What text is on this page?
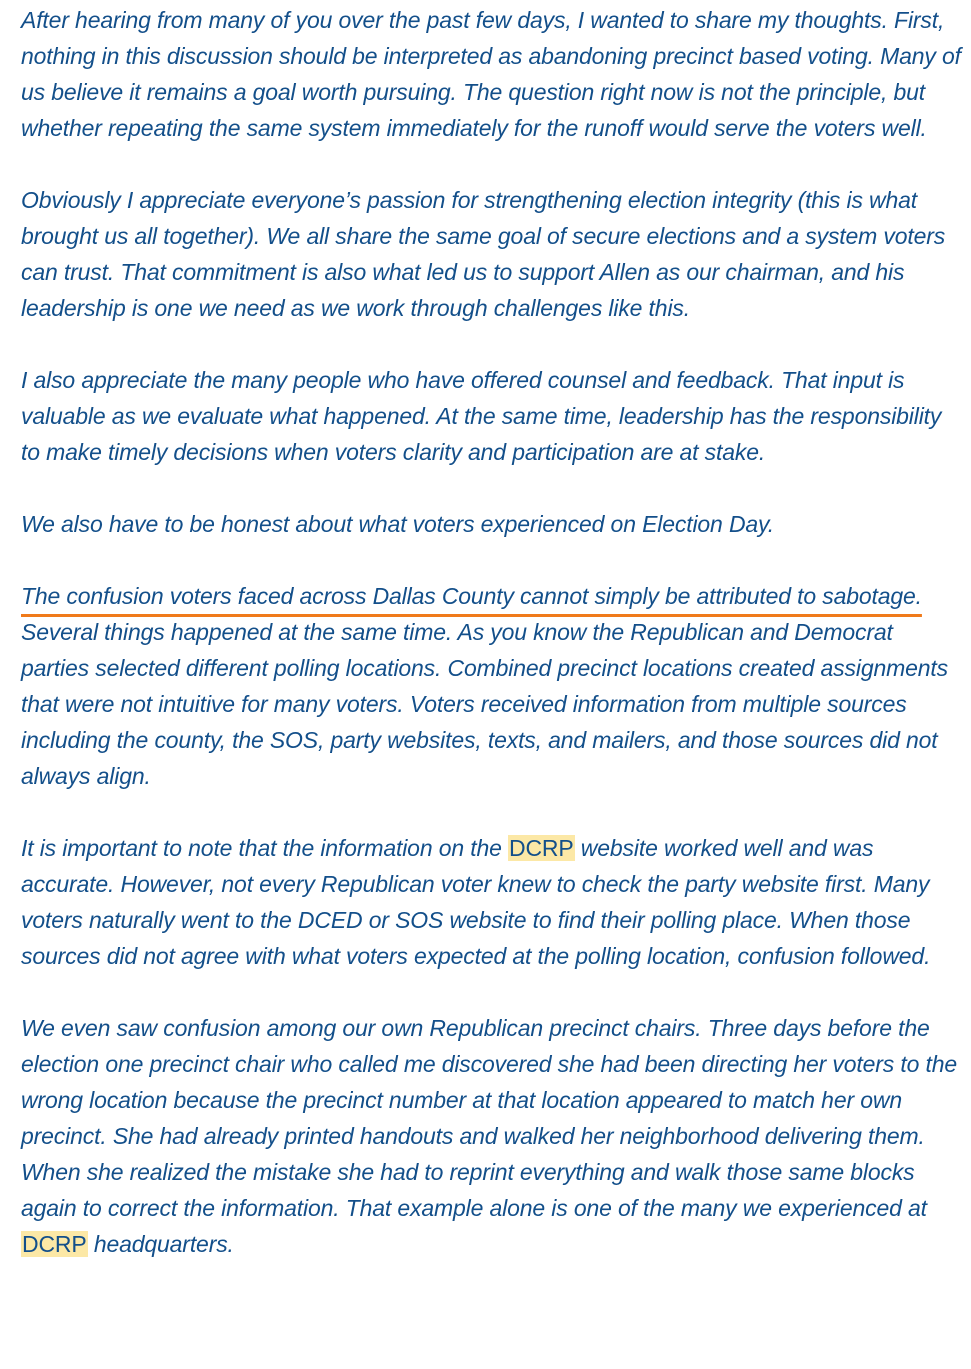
After hearing from many of you over the past few days, I wanted to share my thoughts. First, nothing in this discussion should be interpreted as abandoning precinct based voting. Many of us believe it remains a goal worth pursuing. The question right now is not the principle, but whether repeating the same system immediately for the runoff would serve the voters well.

Obviously I appreciate everyone’s passion for strengthening election integrity (this is what brought us all together). We all share the same goal of secure elections and a system voters can trust. That commitment is also what led us to support Allen as our chairman, and his leadership is one we need as we work through challenges like this.

I also appreciate the many people who have offered counsel and feedback. That input is valuable as we evaluate what happened. At the same time, leadership has the responsibility to make timely decisions when voters clarity and participation are at stake.

We also have to be honest about what voters experienced on Election Day.

The confusion voters faced across Dallas County cannot simply be attributed to sabotage. Several things happened at the same time. As you know the Republican and Democrat parties selected different polling locations. Combined precinct locations created assignments that were not intuitive for many voters. Voters received information from multiple sources including the county, the SOS, party websites, texts, and mailers, and those sources did not always align.

It is important to note that the information on the DCRP website worked well and was accurate. However, not every Republican voter knew to check the party website first. Many voters naturally went to the DCED or SOS website to find their polling place. When those sources did not agree with what voters expected at the polling location, confusion followed.

We even saw confusion among our own Republican precinct chairs. Three days before the election one precinct chair who called me discovered she had been directing her voters to the wrong location because the precinct number at that location appeared to match her own precinct. She had already printed handouts and walked her neighborhood delivering them. When she realized the mistake she had to reprint everything and walk those same blocks again to correct the information. That example alone is one of the many we experienced at DCRP headquarters.
